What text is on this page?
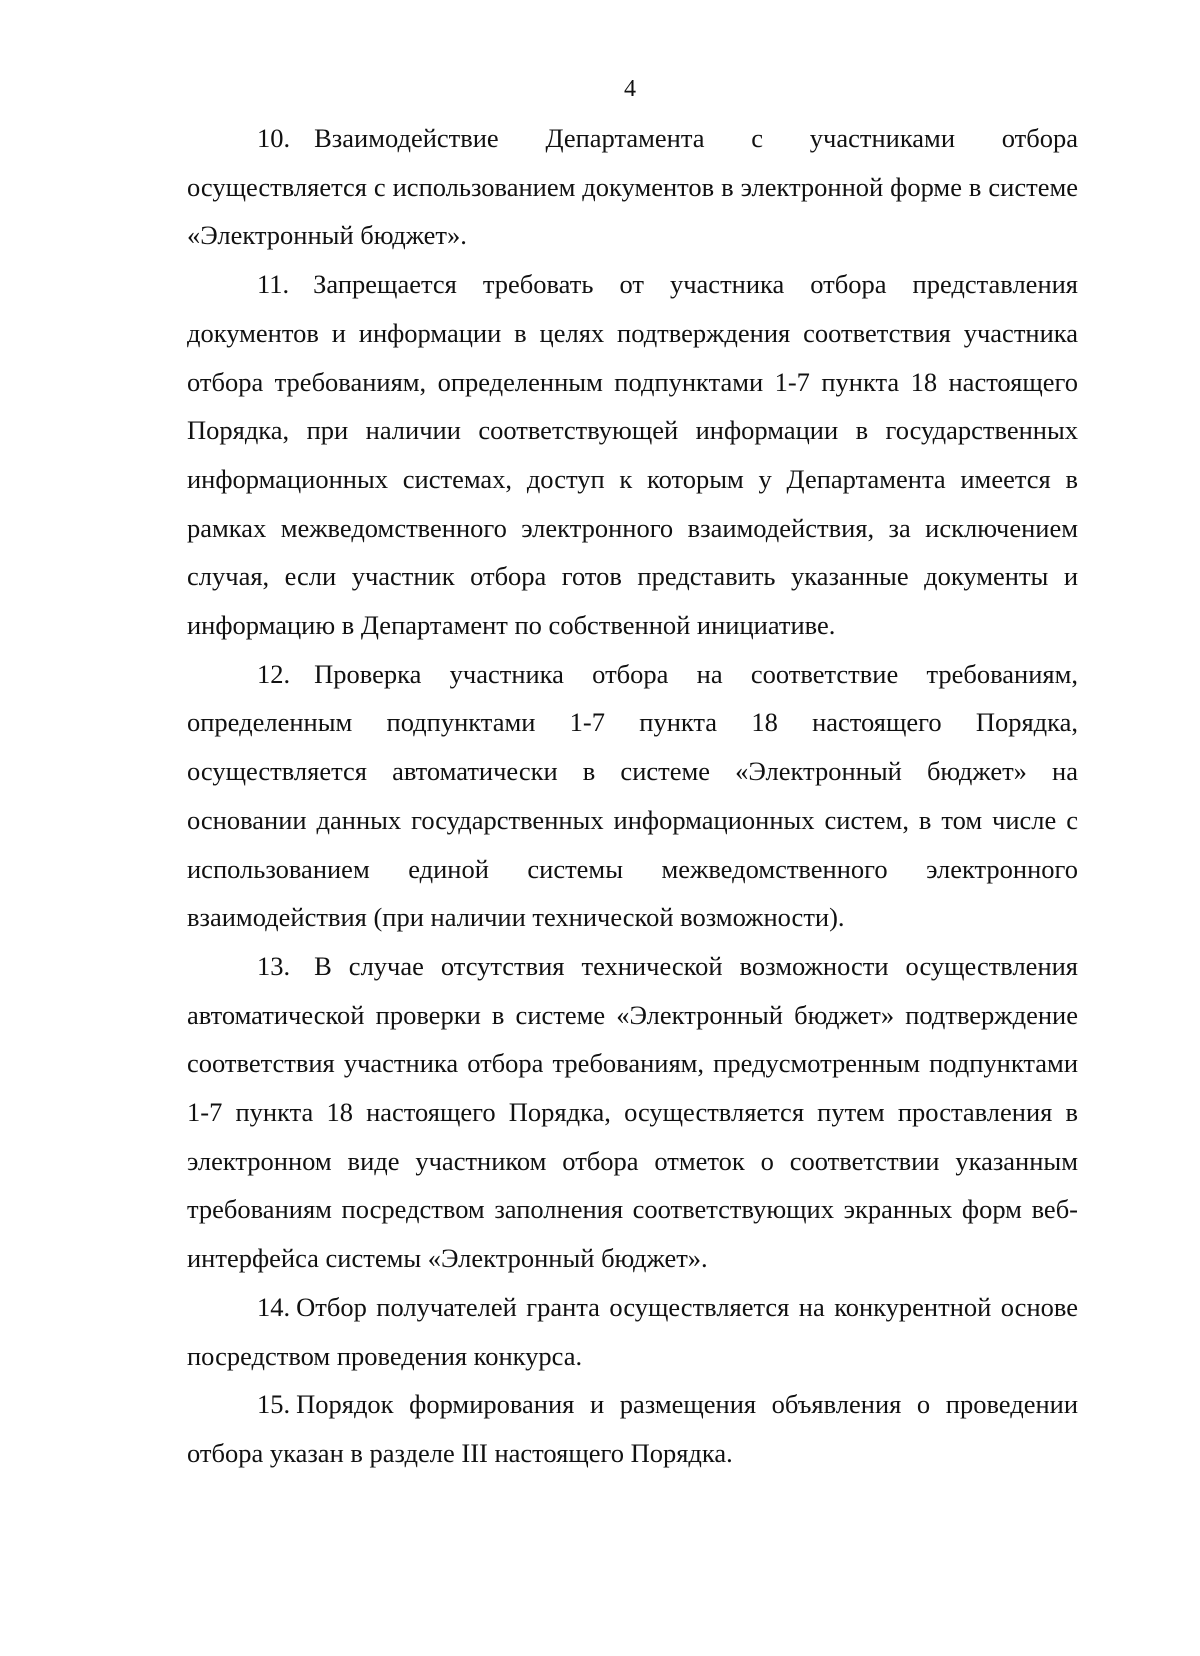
4

10. Взаимодействие Департамента с участниками отбора осуществляется с использованием документов в электронной форме в системе «Электронный бюджет».

11. Запрещается требовать от участника отбора представления документов и информации в целях подтверждения соответствия участника отбора требованиям, определенным подпунктами 1-7 пункта 18 настоящего Порядка, при наличии соответствующей информации в государственных информационных системах, доступ к которым у Департамента имеется в рамках межведомственного электронного взаимодействия, за исключением случая, если участник отбора готов представить указанные документы и информацию в Департамент по собственной инициативе.

12. Проверка участника отбора на соответствие требованиям, определенным подпунктами 1-7 пункта 18 настоящего Порядка, осуществляется автоматически в системе «Электронный бюджет» на основании данных государственных информационных систем, в том числе с использованием единой системы межведомственного электронного взаимодействия (при наличии технической возможности).

13. В случае отсутствия технической возможности осуществления автоматической проверки в системе «Электронный бюджет» подтверждение соответствия участника отбора требованиям, предусмотренным подпунктами 1-7 пункта 18 настоящего Порядка, осуществляется путем проставления в электронном виде участником отбора отметок о соответствии указанным требованиям посредством заполнения соответствующих экранных форм веб-интерфейса системы «Электронный бюджет».

14. Отбор получателей гранта осуществляется на конкурентной основе посредством проведения конкурса.

15. Порядок формирования и размещения объявления о проведении отбора указан в разделе III настоящего Порядка.
